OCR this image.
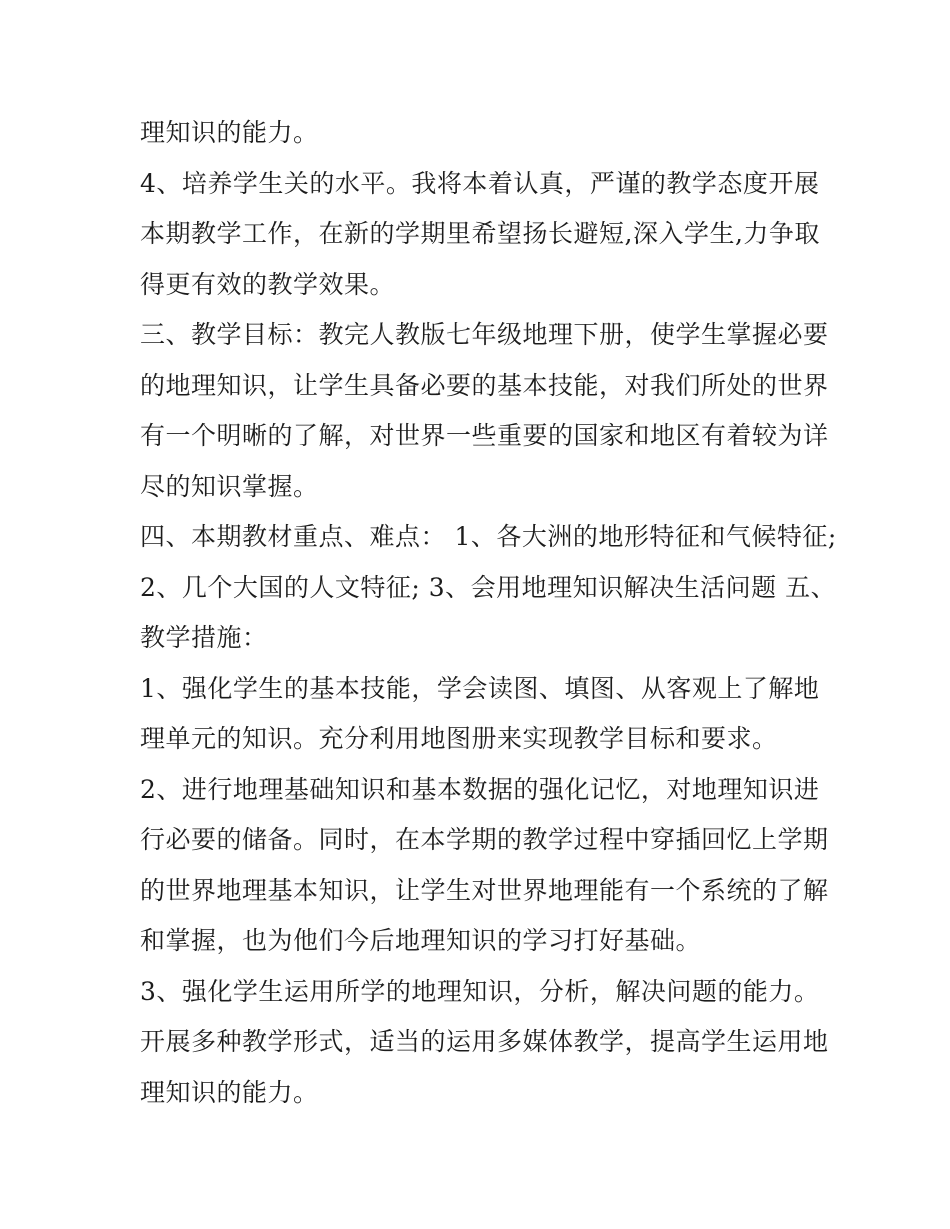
理知识的能力。
4、培养学生关的水平。我将本着认真，严谨的教学态度开展
本期教学工作，在新的学期里希望扬长避短,深入学生,力争取
得更有效的教学效果。
三、教学目标：教完人教版七年级地理下册，使学生掌握必要
的地理知识，让学生具备必要的基本技能，对我们所处的世界
有一个明晰的了解，对世界一些重要的国家和地区有着较为详
尽的知识掌握。
四、本期教材重点、难点： 1、各大洲的地形特征和气候特征;
2、几个大国的人文特征; 3、会用地理知识解决生活问题 五、
教学措施：
1、强化学生的基本技能，学会读图、填图、从客观上了解地
理单元的知识。充分利用地图册来实现教学目标和要求。
2、进行地理基础知识和基本数据的强化记忆，对地理知识进
行必要的储备。同时，在本学期的教学过程中穿插回忆上学期
的世界地理基本知识，让学生对世界地理能有一个系统的了解
和掌握，也为他们今后地理知识的学习打好基础。
3、强化学生运用所学的地理知识，分析，解决问题的能力。
开展多种教学形式，适当的运用多媒体教学，提高学生运用地
理知识的能力。
